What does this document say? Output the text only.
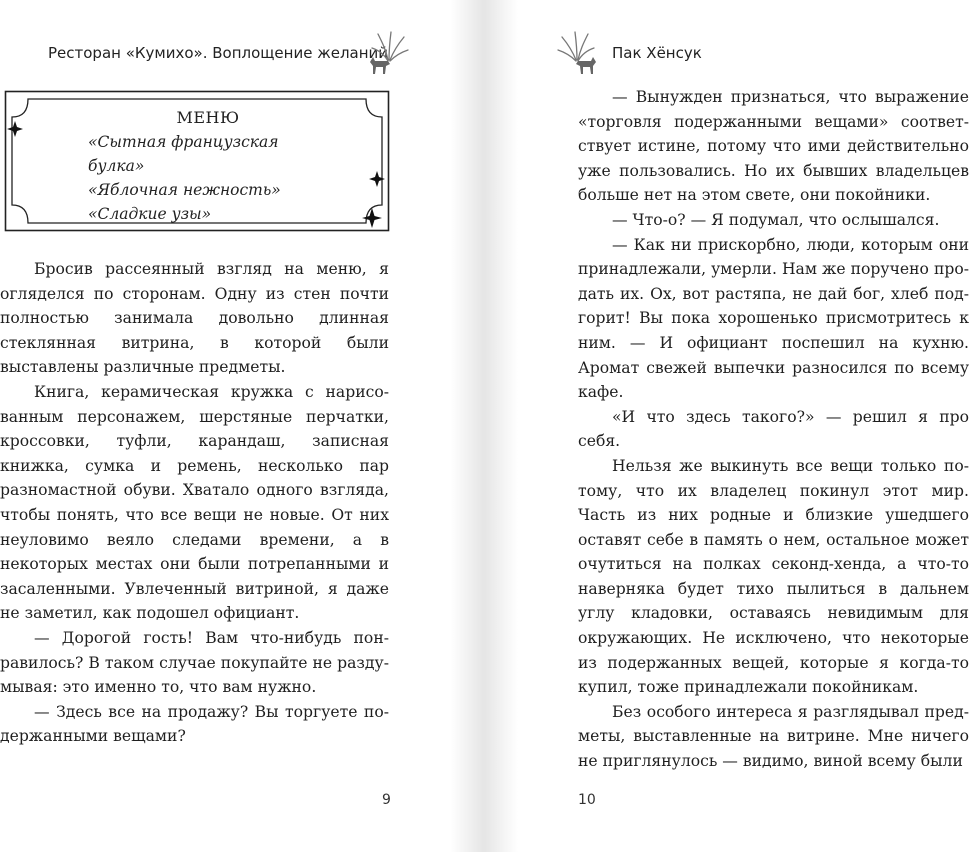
Ресторан «Кумихо». Воплощение желаний
МЕНЮ
«Сытная французская булка»
«Яблочная нежность»
«Сладкие узы»

Бросив рассеянный взгляд на меню, я огляделся по сторонам. Одну из стен почти полностью занимала довольно длинная стеклянная витрина, в которой были выставлены различные предметы.

Книга, керамическая кружка с нарисованным персонажем, шерстяные перчатки, кроссовки, туфли, карандаш, записная книжка, сумка и ремень, несколько пар разномастной обуви. Хватало одного взгляда, чтобы понять, что все вещи не новые. От них неуловимо веяло следами времени, а в некоторых местах они были потрепанными и засаленными. Увлеченный витриной, я даже не заметил, как подошел официант.

— Дорогой гость! Вам что-нибудь понравилось? В таком случае покупайте не раздумывая: это именно то, что вам нужно.

— Здесь все на продажу? Вы торгуете подержанными вещами?

9
Пак Хёнсук

— Вынужден признаться, что выражение «торговля подержанными вещами» соответствует истине, потому что ими действительно уже пользовались. Но их бывших владельцев больше нет на этом свете, они покойники.

— Что-о? — Я подумал, что ослышался.

— Как ни прискорбно, люди, которым они принадлежали, умерли. Нам же поручено продать их. Ох, вот растяпа, не дай бог, хлеб подгорит! Вы пока хорошенько присмотритесь к ним. — И официант поспешил на кухню. Аромат свежей выпечки разносился по всему кафе.

«И что здесь такого?» — решил я про себя.

Нельзя же выкинуть все вещи только потому, что их владелец покинул этот мир. Часть из них родные и близкие ушедшего оставят себе в память о нем, остальное может очутиться на полках секонд-хенда, а что-то наверняка будет тихо пылиться в дальнем углу кладовки, оставаясь невидимым для окружающих. Не исключено, что некоторые из подержанных вещей, которые я когда-то купил, тоже принадлежали покойникам.

Без особого интереса я разглядывал предметы, выставленные на витрине. Мне ничего не приглянулось — видимо, виной всему были

10
